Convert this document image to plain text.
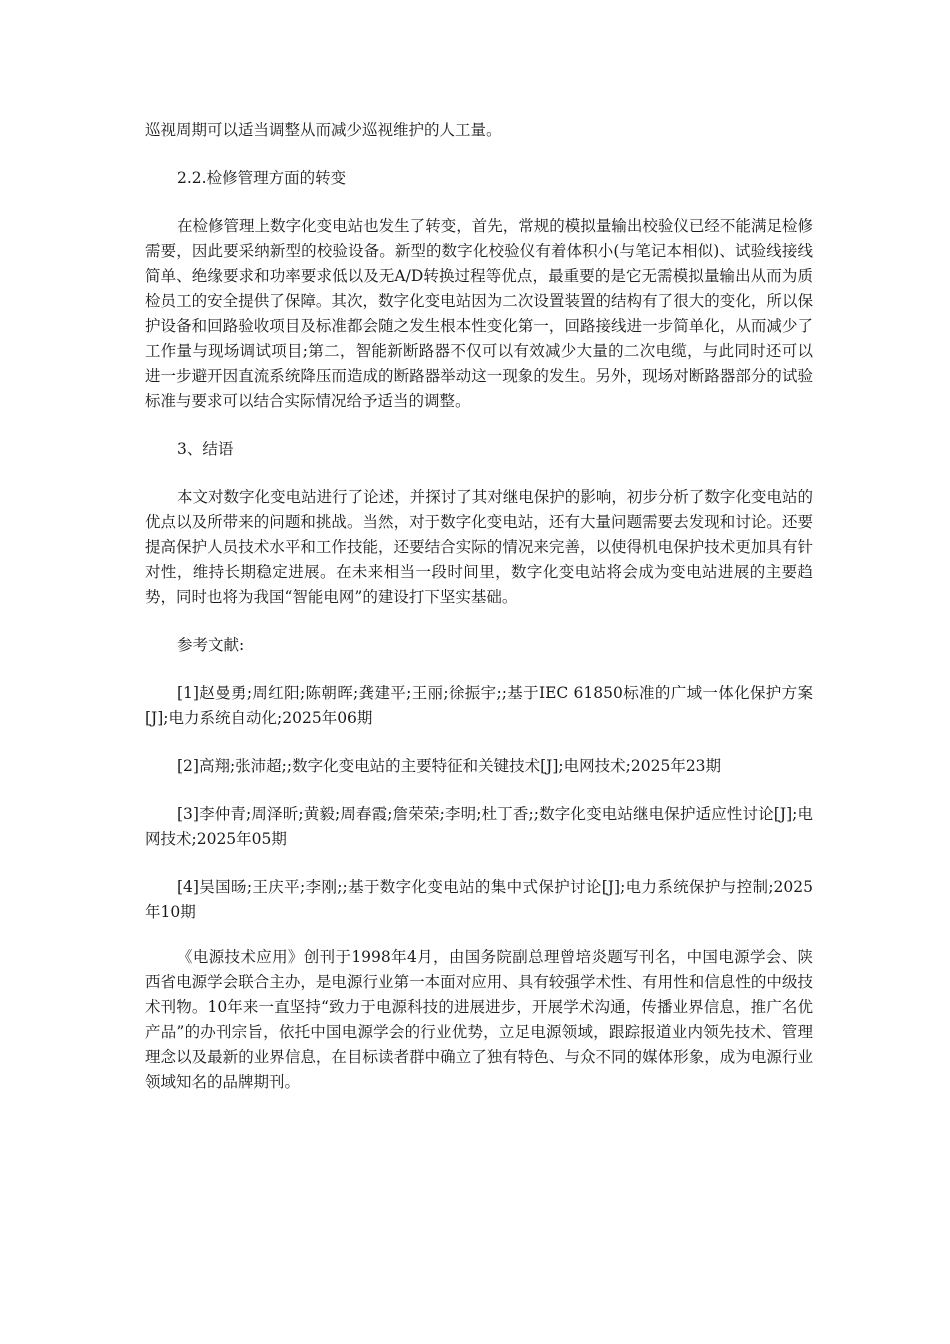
巡视周期可以适当调整从而减少巡视维护的人工量。

2.2.检修管理方面的转变

在检修管理上数字化变电站也发生了转变，首先，常规的模拟量输出校验仪已经不能满足检修需要，因此要采纳新型的校验设备。新型的数字化校验仪有着体积小(与笔记本相似)、试验线接线简单、绝缘要求和功率要求低以及无A/D转换过程等优点，最重要的是它无需模拟量输出从而为质检员工的安全提供了保障。其次，数字化变电站因为二次设置装置的结构有了很大的变化，所以保护设备和回路验收项目及标准都会随之发生根本性变化第一，回路接线进一步简单化，从而减少了工作量与现场调试项目;第二，智能新断路器不仅可以有效减少大量的二次电缆，与此同时还可以进一步避开因直流系统降压而造成的断路器举动这一现象的发生。另外，现场对断路器部分的试验标准与要求可以结合实际情况给予适当的调整。

3、结语

本文对数字化变电站进行了论述，并探讨了其对继电保护的影响，初步分析了数字化变电站的优点以及所带来的问题和挑战。当然，对于数字化变电站，还有大量问题需要去发现和讨论。还要提高保护人员技术水平和工作技能，还要结合实际的情况来完善，以使得机电保护技术更加具有针对性，维持长期稳定进展。在未来相当一段时间里，数字化变电站将会成为变电站进展的主要趋势，同时也将为我国“智能电网”的建设打下坚实基础。

参考文献:

[1]赵曼勇;周红阳;陈朝晖;龚建平;王丽;徐振宇;;基于IEC 61850标准的广域一体化保护方案[J];电力系统自动化;2025年06期

[2]高翔;张沛超;;数字化变电站的主要特征和关键技术[J];电网技术;2025年23期

[3]李仲青;周泽昕;黄毅;周春霞;詹荣荣;李明;杜丁香;;数字化变电站继电保护适应性讨论[J];电网技术;2025年05期

[4]吴国旸;王庆平;李刚;;基于数字化变电站的集中式保护讨论[J];电力系统保护与控制;2025年10期

《电源技术应用》创刊于1998年4月，由国务院副总理曾培炎题写刊名，中国电源学会、陕西省电源学会联合主办，是电源行业第一本面对应用、具有较强学术性、有用性和信息性的中级技术刊物。10年来一直坚持“致力于电源科技的进展进步，开展学术沟通，传播业界信息，推广名优产品”的办刊宗旨，依托中国电源学会的行业优势，立足电源领域，跟踪报道业内领先技术、管理理念以及最新的业界信息，在目标读者群中确立了独有特色、与众不同的媒体形象，成为电源行业领域知名的品牌期刊。
